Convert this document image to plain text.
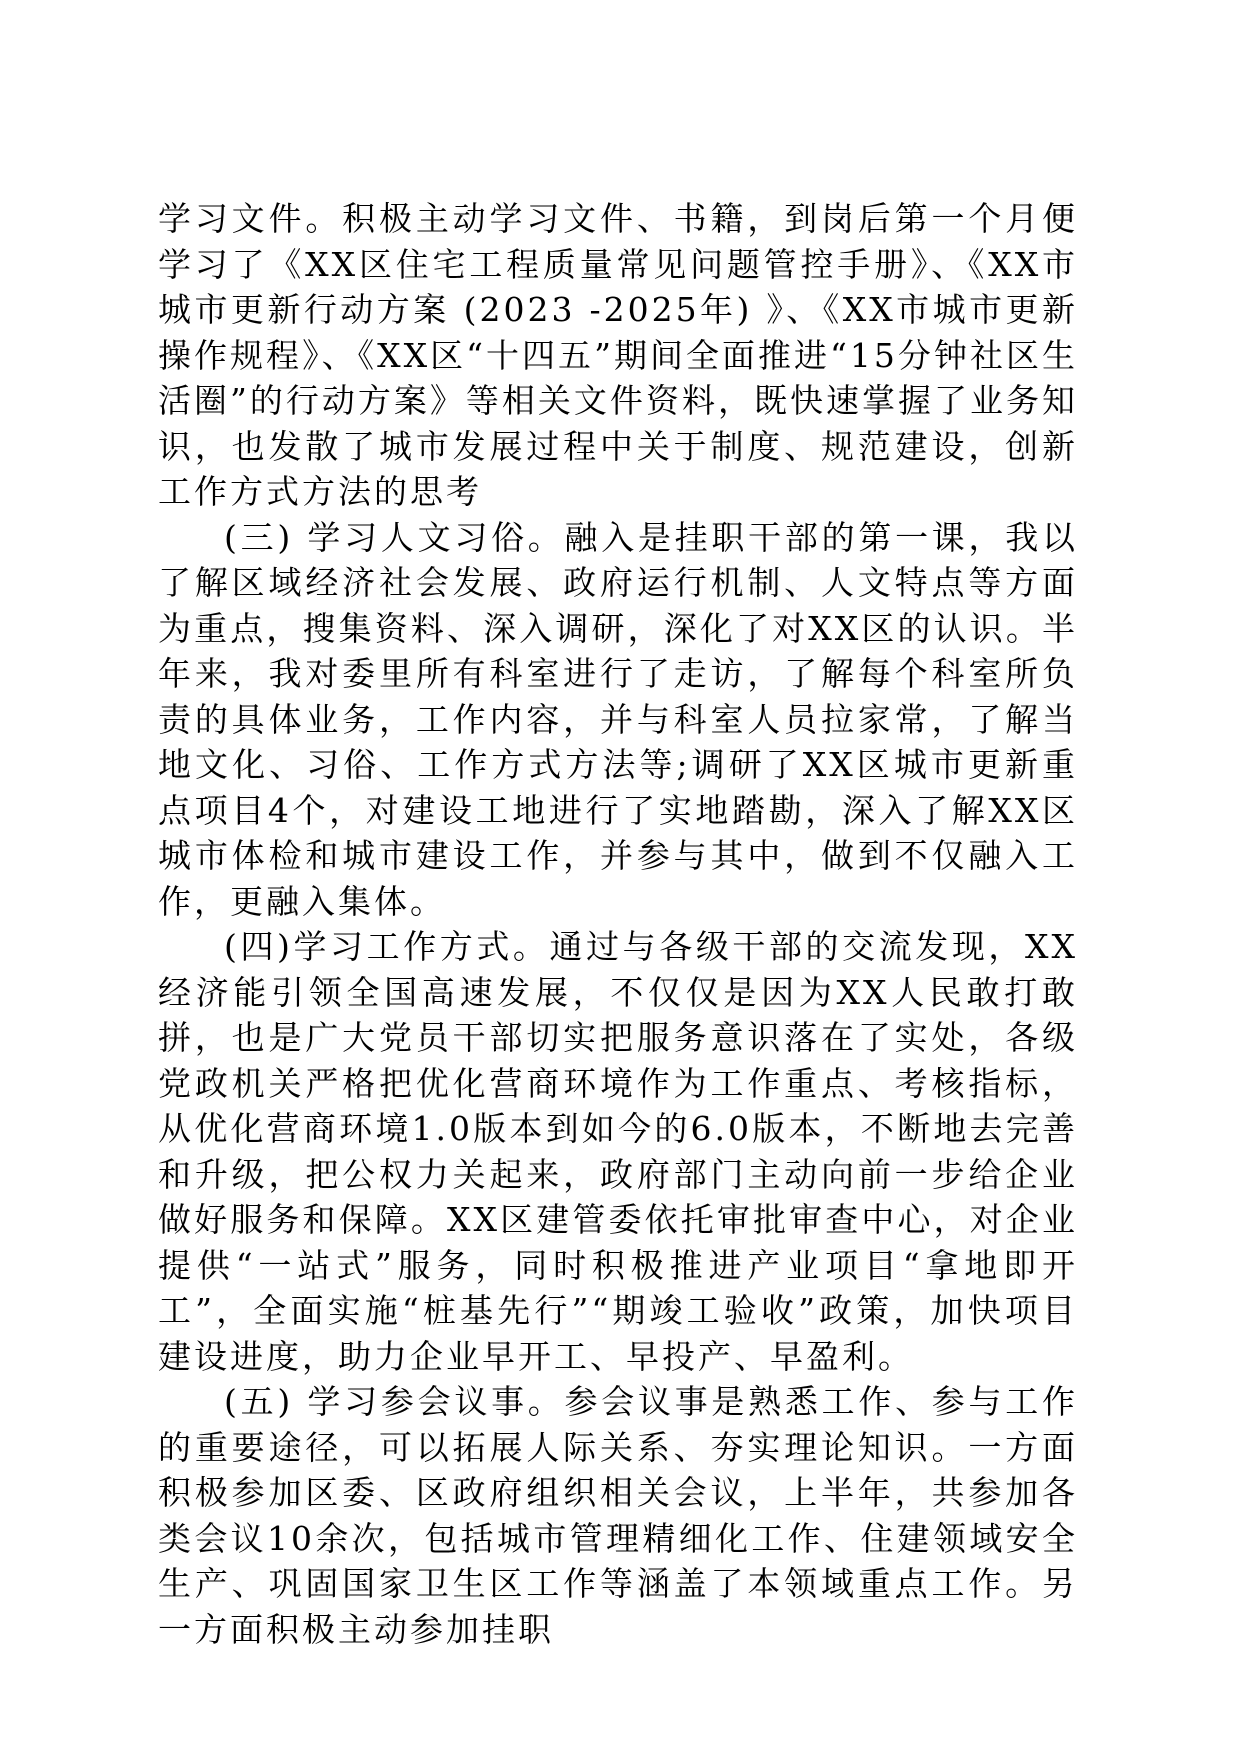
学习文件。积极主动学习文件、书籍，到岗后第一个月便学习了《XX区住宅工程质量常见问题管控手册》、《XX市城市更新行动方案 (2023 -2025年) 》、《XX市城市更新操作规程》、《XX区“十四五”期间全面推进“15分钟社区生活圈”的行动方案》等相关文件资料，既快速掌握了业务知识，也发散了城市发展过程中关于制度、规范建设，创新工作方式方法的思考

(三) 学习人文习俗。融入是挂职干部的第一课，我以了解区域经济社会发展、政府运行机制、人文特点等方面为重点，搜集资料、深入调研，深化了对XX区的认识。半年来，我对委里所有科室进行了走访，了解每个科室所负责的具体业务，工作内容，并与科室人员拉家常，了解当地文化、习俗、工作方式方法等;调研了XX区城市更新重点项目4个，对建设工地进行了实地踏勘，深入了解XX区城市体检和城市建设工作，并参与其中，做到不仅融入工作，更融入集体。

(四)学习工作方式。通过与各级干部的交流发现，XX经济能引领全国高速发展，不仅仅是因为XX人民敢打敢拼，也是广大党员干部切实把服务意识落在了实处，各级党政机关严格把优化营商环境作为工作重点、考核指标，从优化营商环境1.0版本到如今的6.0版本，不断地去完善和升级，把公权力关起来，政府部门主动向前一步给企业做好服务和保障。XX区建管委依托审批审查中心，对企业提供“一站式”服务，同时积极推进产业项目“拿地即开工”，全面实施“桩基先行”“期竣工验收”政策，加快项目建设进度，助力企业早开工、早投产、早盈利。

(五) 学习参会议事。参会议事是熟悉工作、参与工作的重要途径，可以拓展人际关系、夯实理论知识。一方面积极参加区委、区政府组织相关会议，上半年，共参加各类会议10余次，包括城市管理精细化工作、住建领域安全生产、巩固国家卫生区工作等涵盖了本领域重点工作。另一方面积极主动参加挂职
